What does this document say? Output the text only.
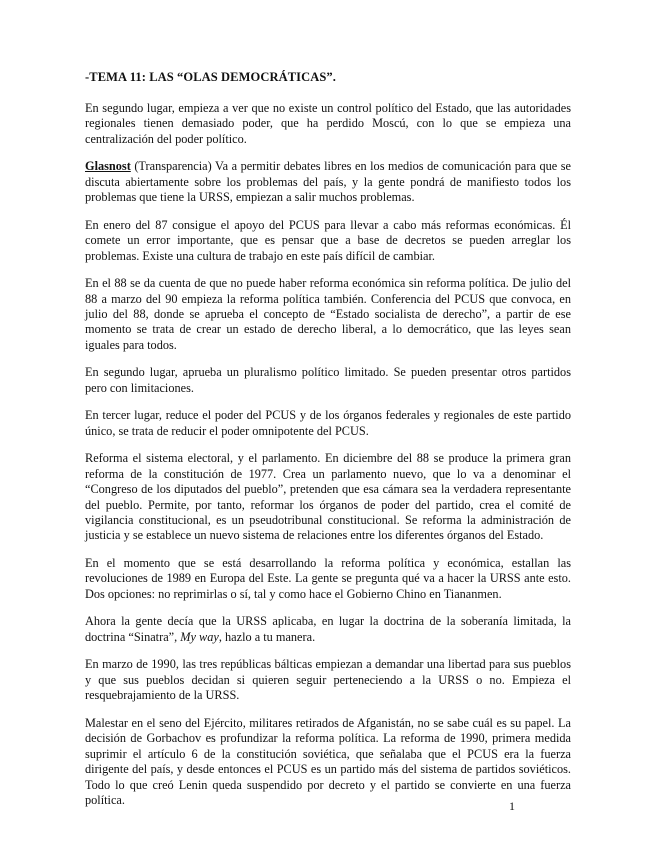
-TEMA 11: LAS “OLAS DEMOCRÁTICAS”.

En segundo lugar, empieza a ver que no existe un control político del Estado, que las autoridades regionales tienen demasiado poder, que ha perdido Moscú, con lo que se empieza una centralización del poder político.

Glasnost (Transparencia) Va a permitir debates libres en los medios de comunicación para que se discuta abiertamente sobre los problemas del país, y la gente pondrá de manifiesto todos los problemas que tiene la URSS, empiezan a salir muchos problemas.

En enero del 87 consigue el apoyo del PCUS para llevar a cabo más reformas económicas. Él comete un error importante, que es pensar que a base de decretos se pueden arreglar los problemas. Existe una cultura de trabajo en este país difícil de cambiar.

En el 88 se da cuenta de que no puede haber reforma económica sin reforma política. De julio del 88 a marzo del 90 empieza la reforma política también. Conferencia del PCUS que convoca, en julio del 88, donde se aprueba el concepto de “Estado socialista de derecho”, a partir de ese momento se trata de crear un estado de derecho liberal, a lo democrático, que las leyes sean iguales para todos.

En segundo lugar, aprueba un pluralismo político limitado. Se pueden presentar otros partidos pero con limitaciones.

En tercer lugar, reduce el poder del PCUS y de los órganos federales y regionales de este partido único, se trata de reducir el poder omnipotente del PCUS.

Reforma el sistema electoral, y el parlamento. En diciembre del 88 se produce la primera gran reforma de la constitución de 1977. Crea un parlamento nuevo, que lo va a denominar el “Congreso de los diputados del pueblo”, pretenden que esa cámara sea la verdadera representante del pueblo. Permite, por tanto, reformar los órganos de poder del partido, crea el comité de vigilancia constitucional, es un pseudotribunal constitucional. Se reforma la administración de justicia y se establece un nuevo sistema de relaciones entre los diferentes órganos del Estado.

En el momento que se está desarrollando la reforma política y económica, estallan las revoluciones de 1989 en Europa del Este. La gente se pregunta qué va a hacer la URSS ante esto. Dos opciones: no reprimirlas o sí, tal y como hace el Gobierno Chino en Tiananmen.

Ahora la gente decía que la URSS aplicaba, en lugar la doctrina de la soberanía limitada, la doctrina “Sinatra”, My way, hazlo a tu manera.

En marzo de 1990, las tres repúblicas bálticas empiezan a demandar una libertad para sus pueblos y que sus pueblos decidan si quieren seguir perteneciendo a la URSS o no. Empieza el resquebrajamiento de la URSS.

Malestar en el seno del Ejército, militares retirados de Afganistán, no se sabe cuál es su papel. La decisión de Gorbachov es profundizar la reforma política. La reforma de 1990, primera medida suprimir el artículo 6 de la constitución soviética, que señalaba que el PCUS era la fuerza dirigente del país, y desde entonces el PCUS es un partido más del sistema de partidos soviéticos. Todo lo que creó Lenin queda suspendido por decreto y el partido se convierte en una fuerza política.	1
